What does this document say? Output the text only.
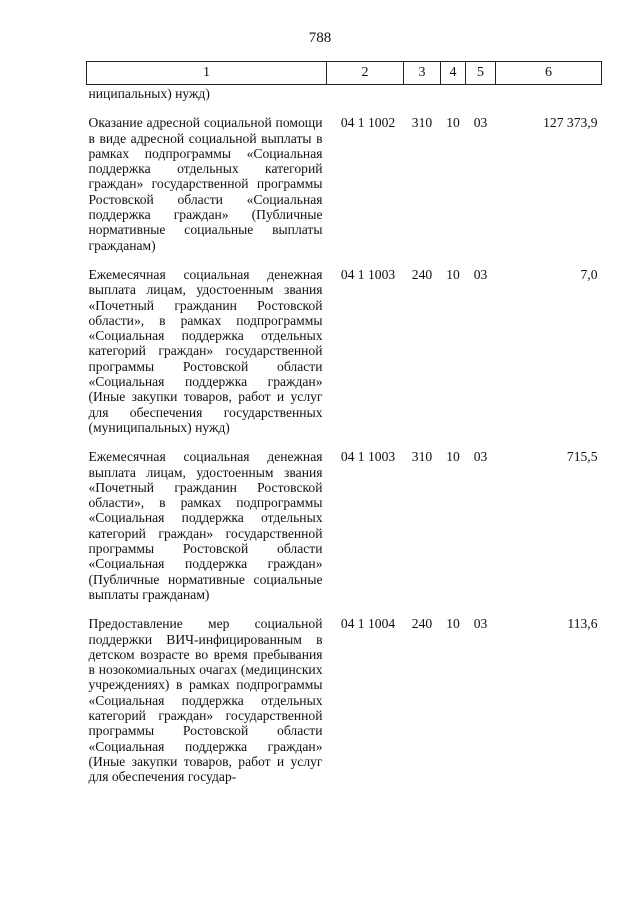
788
1	2	3	4	5	6
ниципальных) нужд)					
Оказание адресной социальной помощи в виде адресной социальной выплаты в рамках подпрограммы «Социальная поддержка отдельных категорий граждан» государственной программы Ростовской области «Социальная поддержка граждан» (Публичные нормативные социальные выплаты гражданам)	04 1 1002	310	10	03	127 373,9
Ежемесячная социальная денежная выплата лицам, удостоенным звания «Почетный гражданин Ростовской области», в рамках подпрограммы «Социальная поддержка отдельных категорий граждан» государственной программы Ростовской области «Социальная поддержка граждан» (Иные закупки товаров, работ и услуг для обеспечения государственных (муниципальных) нужд)	04 1 1003	240	10	03	7,0
Ежемесячная социальная денежная выплата лицам, удостоенным звания «Почетный гражданин Ростовской области», в рамках подпрограммы «Социальная поддержка отдельных категорий граждан» государственной программы Ростовской области «Социальная поддержка граждан» (Публичные нормативные социальные выплаты гражданам)	04 1 1003	310	10	03	715,5
Предоставление мер социальной поддержки ВИЧ-инфицированным в детском возрасте во время пребывания в нозокомиальных очагах (медицинских учреждениях) в рамках подпрограммы «Социальная поддержка отдельных категорий граждан» государственной программы Ростовской области «Социальная поддержка граждан» (Иные закупки товаров, работ и услуг для обеспечения государ-	04 1 1004	240	10	03	113,6
